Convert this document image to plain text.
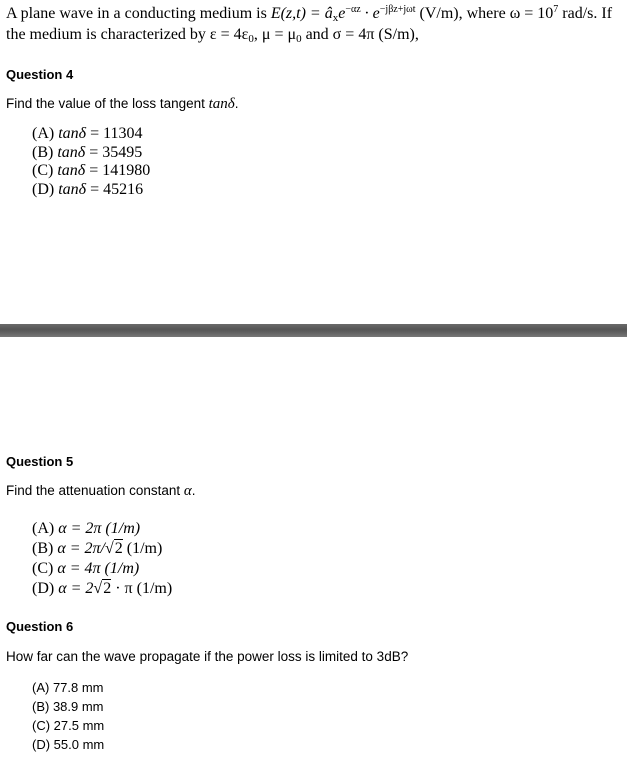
A plane wave in a conducting medium is $E(z,t) = â_xe^{-\alpha z} \cdot e^{-j\beta z+j\omega t}$ (V/m), where $\omega = 10^7$ rad/s. If
the medium is characterized by $\varepsilon = 4\varepsilon_0$, $\mu = \mu_0$ and σ = 4π (S/m),
Question 4
Find the value of the loss tangent tanδ.
(A) tanδ = 11304
(B) tanδ = 35495
(C) tanδ = 141980
(D) tanδ = 45216
Question 5
Find the attenuation constant α.
(A) α = 2π (1/m)
(B) α = 2π/√2 (1/m)
(C) α = 4π (1/m)
(D) α = 2√2 · π (1/m)
Question 6
How far can the wave propagate if the power loss is limited to 3dB?
(A) 77.8 mm
(B) 38.9 mm
(C) 27.5 mm
(D) 55.0 mm
